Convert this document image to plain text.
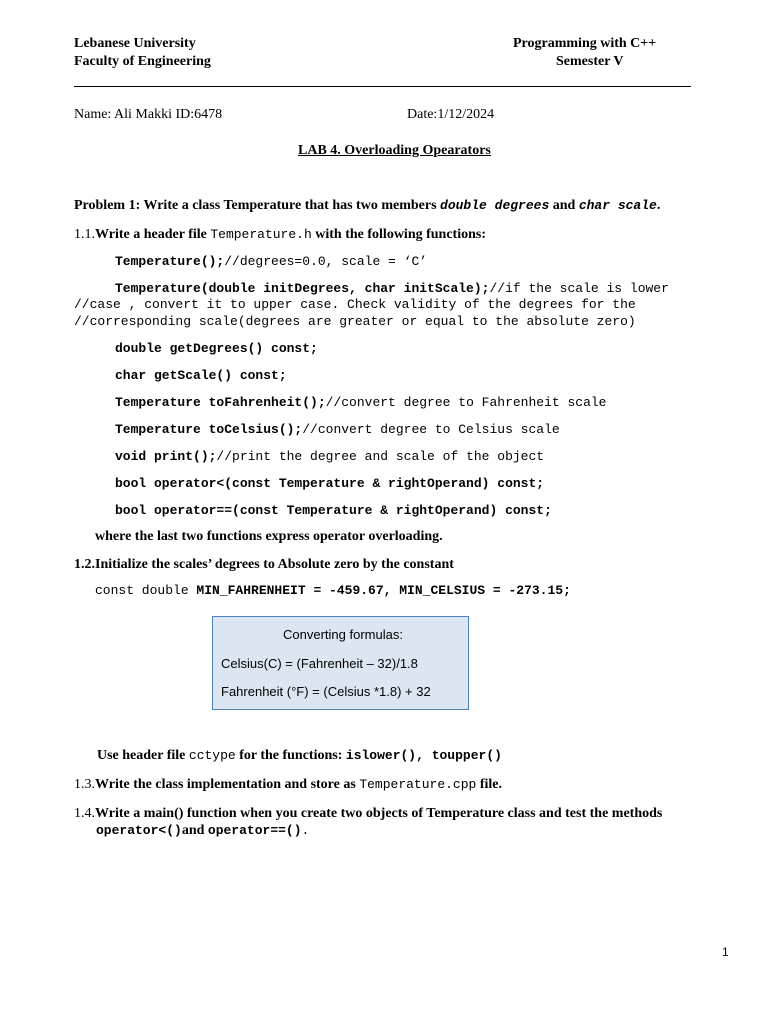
Lebanese University
Faculty of Engineering
Programming with C++
Semester V
Name: Ali Makki ID:6478	Date:1/12/2024
LAB 4. Overloading Opearators
Problem 1: Write a class Temperature that has two members double degrees and char scale.
1.1.Write a header file Temperature.h with the following functions:
Temperature();//degrees=0.0, scale = ‘C’
Temperature(double initDegrees, char initScale);//if the scale is lower
//case , convert it to upper case. Check validity of the degrees for the
//corresponding scale(degrees are greater or equal to the absolute zero)
double getDegrees() const;
char getScale() const;
Temperature toFahrenheit();//convert degree to Fahrenheit scale
Temperature toCelsius();//convert degree to Celsius scale
void print();//print the degree and scale of the object
bool operator<(const Temperature & rightOperand) const;
bool operator==(const Temperature & rightOperand) const;
where the last two functions express operator overloading.
1.2.Initialize the scales’ degrees to Absolute zero by the constant
const double MIN_FAHRENHEIT = -459.67, MIN_CELSIUS = -273.15;
Converting formulas:
Celsius(C) = (Fahrenheit – 32)/1.8
Fahrenheit (°F) = (Celsius *1.8) + 32
Use header file cctype for the functions: islower(), toupper()
1.3.Write the class implementation and store as Temperature.cpp file.
1.4.Write a main() function when you create two objects of Temperature class and test the methods
operator<()and operator==().
1
